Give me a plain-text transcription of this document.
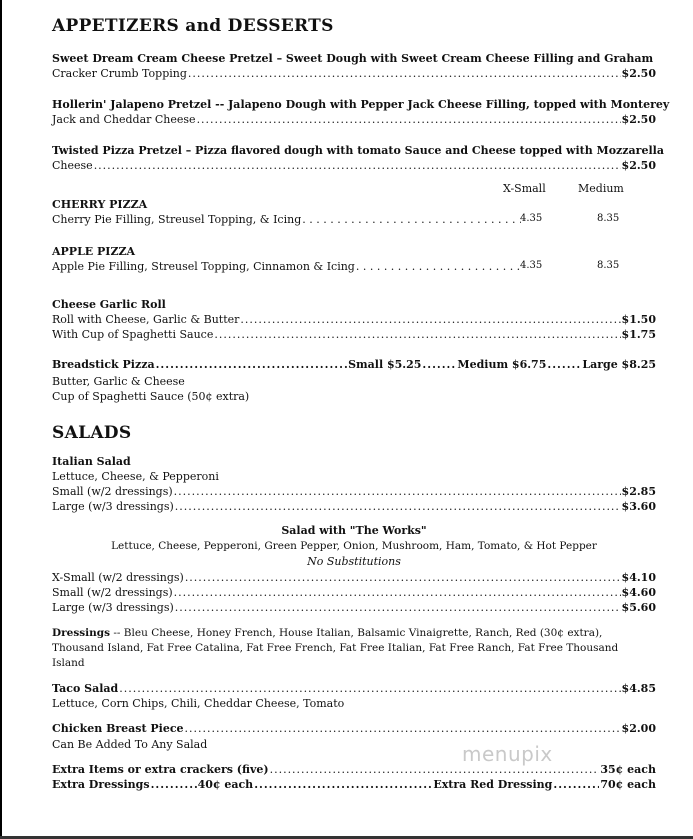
APPETIZERS and DESSERTS
Sweet Dream Cream Cheese Pretzel – Sweet Dough with Sweet Cream Cheese Filling and Graham
Cracker Crumb Topping .....	$2.50
Hollerin' Jalapeno Pretzel -- Jalapeno Dough with Pepper Jack Cheese Filling, topped with Monterey
Jack and Cheddar Cheese .....	$2.50
Twisted Pizza Pretzel – Pizza flavored dough with tomato Sauce and Cheese topped with Mozzarella
Cheese .....	$2.50
X-Small	Medium
CHERRY PIZZA
Cherry Pie Filling, Streusel Topping, & Icing . . .	4.35	8.35
APPLE PIZZA
Apple Pie Filling, Streusel Topping, Cinnamon & Icing . . .	4.35	8.35
Cheese Garlic Roll
Roll with Cheese, Garlic & Butter .....	$1.50
With Cup of Spaghetti Sauce .....	$1.75
Breadstick Pizza .....	Small $5.25 .....	Medium $6.75 .....	Large $8.25
Butter, Garlic & Cheese
Cup of Spaghetti Sauce (50¢ extra)
SALADS
Italian Salad
Lettuce, Cheese, & Pepperoni
Small (w/2 dressings) .....	$2.85
Large (w/3 dressings) .....	$3.60
Salad with "The Works"
Lettuce, Cheese, Pepperoni, Green Pepper, Onion, Mushroom, Ham, Tomato, & Hot Pepper
No Substitutions
X-Small (w/2 dressings) .....	$4.10
Small (w/2 dressings) .....	$4.60
Large (w/3 dressings) .....	$5.60
Dressings -- Bleu Cheese, Honey French, House Italian, Balsamic Vinaigrette, Ranch, Red (30¢ extra),
Thousand Island, Fat Free Catalina, Fat Free French, Fat Free Italian, Fat Free Ranch, Fat Free Thousand
Island
Taco Salad .....	$4.85
Lettuce, Corn Chips, Chili, Cheddar Cheese, Tomato
Chicken Breast Piece .....	$2.00
Can Be Added To Any Salad	menupix
Extra Items or extra crackers (five) .....	35¢ each
Extra Dressings .....	40¢ each .....	Extra Red Dressing .....	70¢ each
